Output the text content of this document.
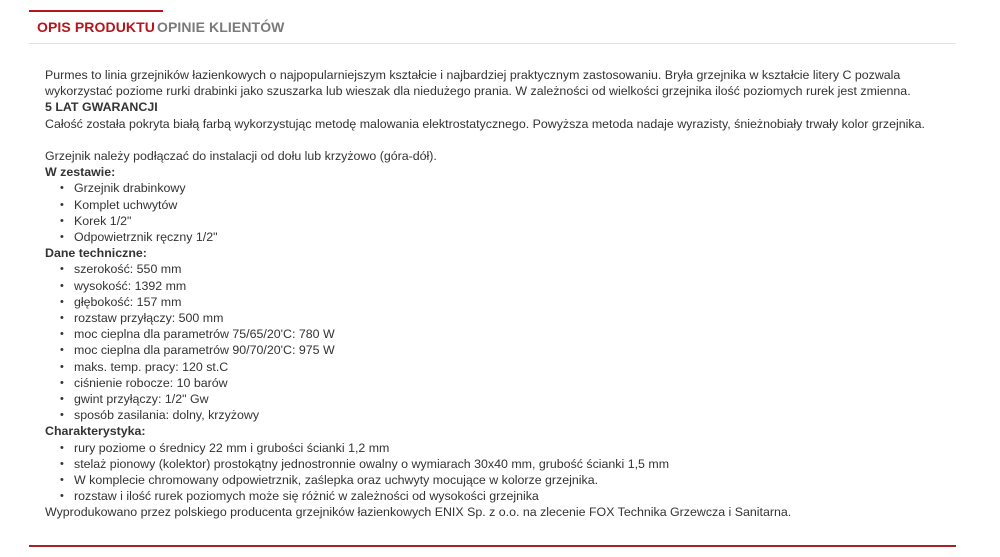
OPIS PRODUKTU OPINIE KLIENTÓW

Purmes to linia grzejników łazienkowych o najpopularniejszym kształcie i najbardziej praktycznym zastosowaniu. Bryła grzejnika w kształcie litery C pozwala wykorzystać poziome rurki drabinki jako szuszarka lub wieszak dla niedużego prania. W zależności od wielkości grzejnika ilość poziomych rurek jest zmienna.

5 LAT GWARANCJI

Całość została pokryta białą farbą wykorzystując metodę malowania elektrostatycznego. Powyższa metoda nadaje wyrazisty, śnieżnobiały trwały kolor grzejnika.

Grzejnik należy podłączać do instalacji od dołu lub krzyżowo (góra-dół).

W zestawie:

• Grzejnik drabinkowy
• Komplet uchwytów
• Korek 1/2"
• Odpowietrznik ręczny 1/2"

Dane techniczne:

• szerokość: 550 mm
• wysokość: 1392 mm
• głębokość: 157 mm
• rozstaw przyłączy: 500 mm
• moc cieplna dla parametrów 75/65/20'C: 780 W
• moc cieplna dla parametrów 90/70/20'C: 975 W
• maks. temp. pracy: 120 st.C
• ciśnienie robocze: 10 barów
• gwint przyłączy: 1/2" Gw
• sposób zasilania: dolny, krzyżowy

Charakterystyka:

• rury poziome o średnicy 22 mm i grubości ścianki 1,2 mm
• stelaż pionowy (kolektor) prostokątny jednostronnie owalny o wymiarach 30x40 mm, grubość ścianki 1,5 mm
• W komplecie chromowany odpowietrznik, zaślepka oraz uchwyty mocujące w kolorze grzejnika.
• rozstaw i ilość rurek poziomych może się różnić w zależności od wysokości grzejnika

Wyprodukowano przez polskiego producenta grzejników łazienkowych ENIX Sp. z o.o. na zlecenie FOX Technika Grzewcza i Sanitarna.
